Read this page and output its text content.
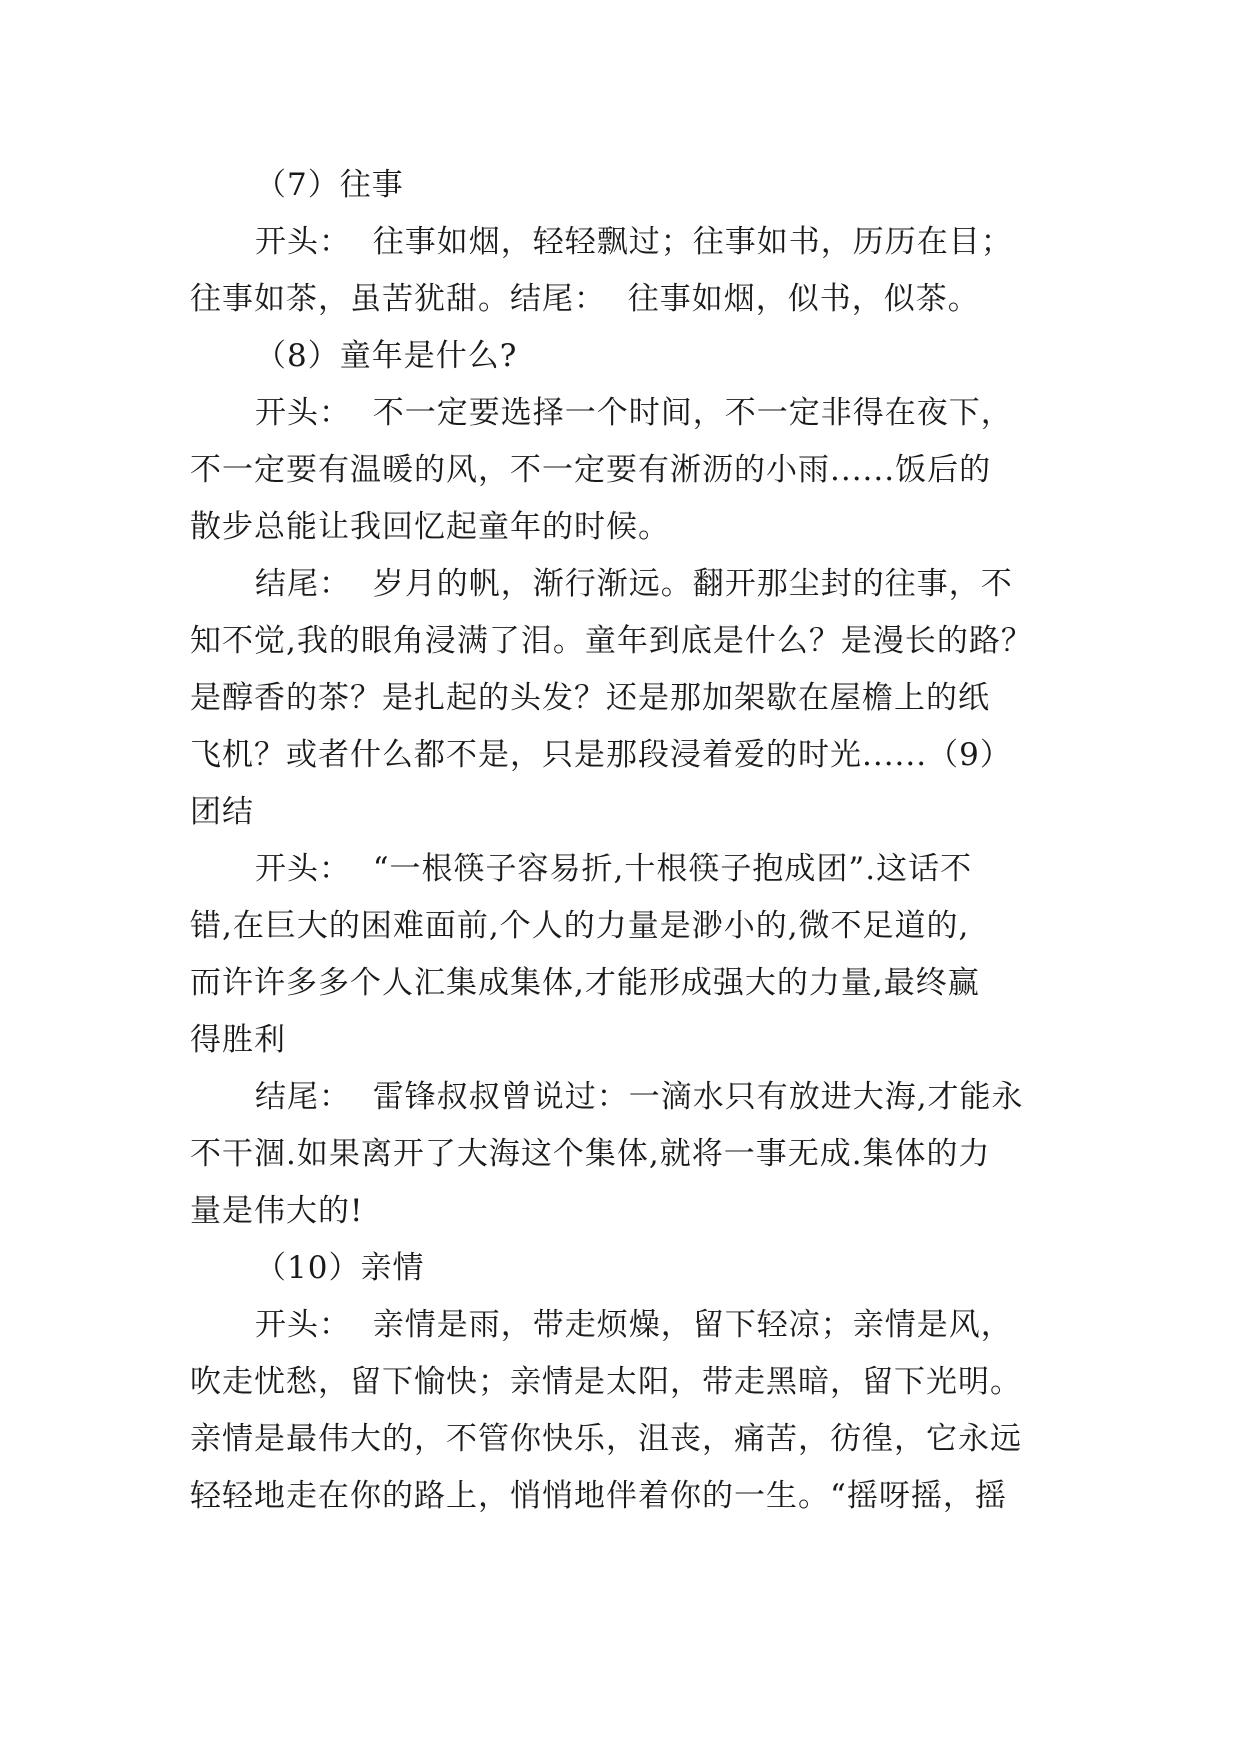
（7）往事
开头：  往事如烟，轻轻飘过；往事如书，历历在目；
往事如茶，虽苦犹甜。结尾：  往事如烟，似书，似茶。
（8）童年是什么?
开头：  不一定要选择一个时间，不一定非得在夜下，
不一定要有温暖的风，不一定要有淅沥的小雨......饭后的
散步总能让我回忆起童年的时候。
结尾：  岁月的帆，渐行渐远。翻开那尘封的往事，不
知不觉,我的眼角浸满了泪。童年到底是什么？是漫长的路？
是醇香的茶？是扎起的头发？还是那加架歇在屋檐上的纸
飞机？或者什么都不是，只是那段浸着爱的时光......（9）
团结
开头：  “一根筷子容易折,十根筷子抱成团”.这话不
错,在巨大的困难面前,个人的力量是渺小的,微不足道的,
而许许多多个人汇集成集体,才能形成强大的力量,最终赢
得胜利
结尾：  雷锋叔叔曾说过：一滴水只有放进大海,才能永
不干涸.如果离开了大海这个集体,就将一事无成.集体的力
量是伟大的!
（10）亲情
开头：  亲情是雨，带走烦燥，留下轻凉；亲情是风，
吹走忧愁，留下愉快；亲情是太阳，带走黑暗，留下光明。
亲情是最伟大的，不管你快乐，沮丧，痛苦，彷徨，它永远
轻轻地走在你的路上，悄悄地伴着你的一生。“摇呀摇，摇
